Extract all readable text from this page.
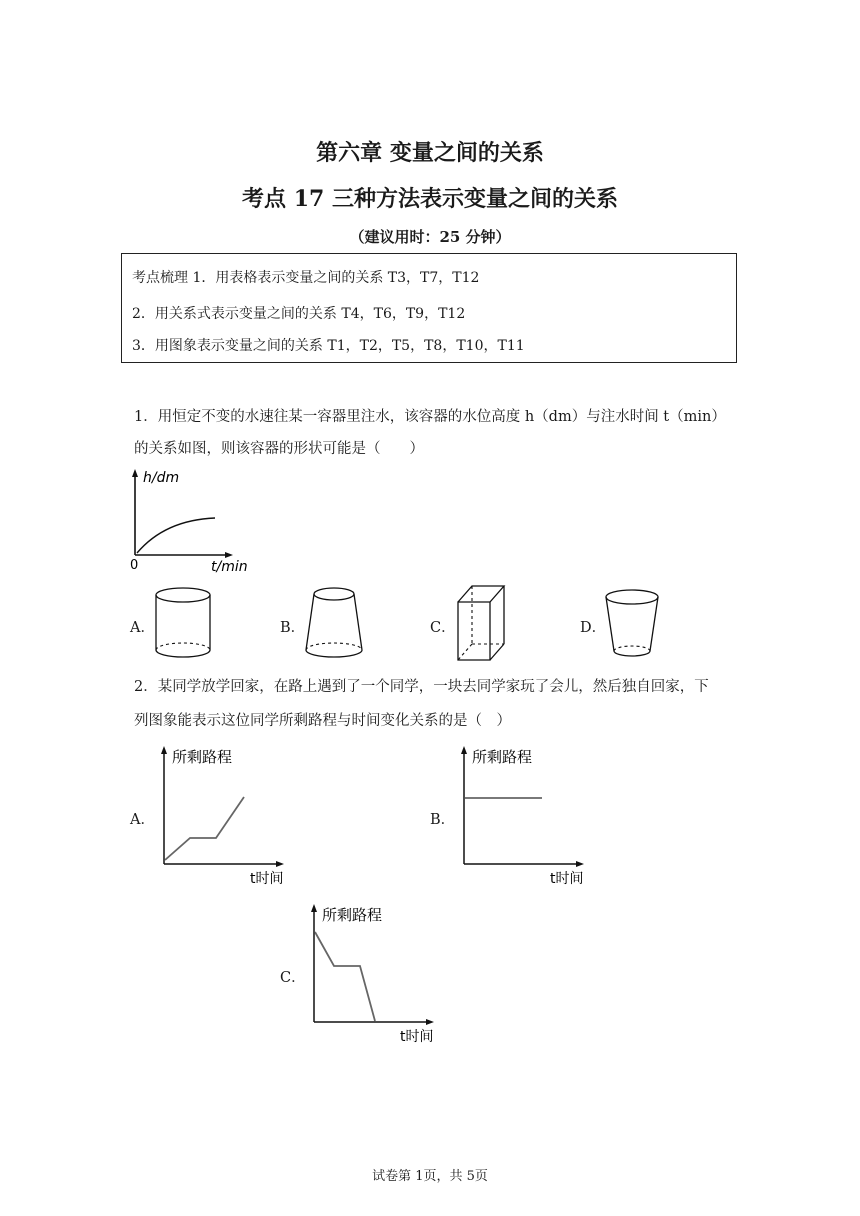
第六章 变量之间的关系
考点 17 三种方法表示变量之间的关系
（建议用时：25 分钟）
考点梳理 1．用表格表示变量之间的关系 T3，T7，T12
2．用关系式表示变量之间的关系 T4，T6，T9，T12
3．用图象表示变量之间的关系 T1，T2，T5，T8，T10，T11
1．用恒定不变的水速往某一容器里注水，该容器的水位高度 h（dm）与注水时间 t（min）
的关系如图，则该容器的形状可能是（　　）
h/dm
t/min
0
A．	B．	C．	D．
2．某同学放学回家，在路上遇到了一个同学，一块去同学家玩了会儿，然后独自回家，下
列图象能表示这位同学所剩路程与时间变化关系的是（　）
A．
所剩路程
t时间
B．
所剩路程
t时间
C．
所剩路程
t时间
试卷第 1页，共 5页
